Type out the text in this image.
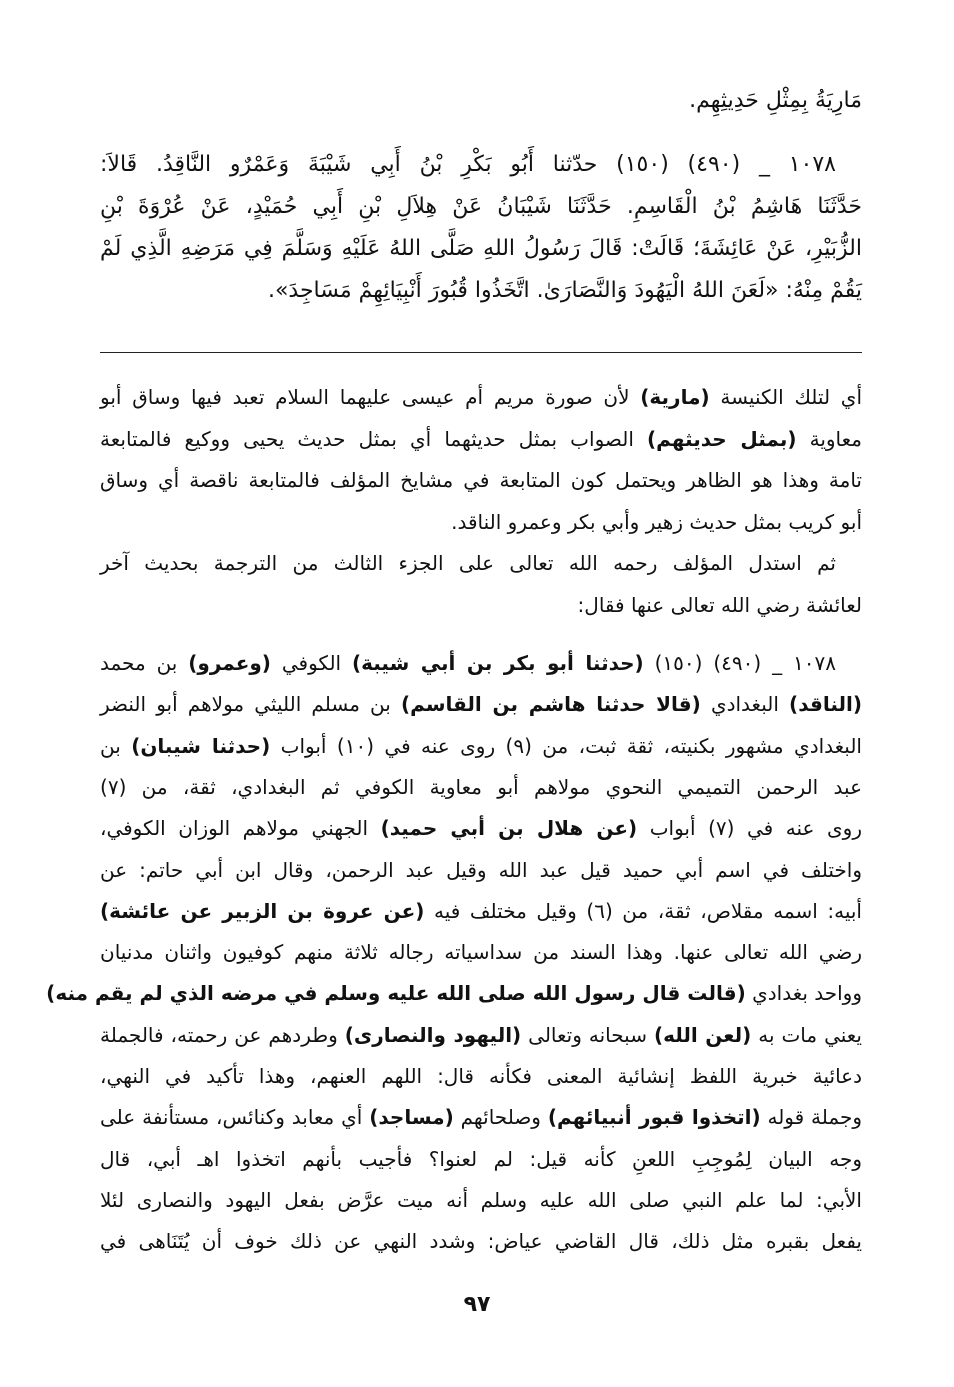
مَارِيَةُ بِمِثْلِ حَدِيثِهِم.
١٠٧٨ _ (٤٩٠) (١٥٠) حدّثنا أَبُو بَكْرِ بْنُ أَبِي شَيْبَةَ وَعَمْرٌو النَّاقِدُ. قَالاَ:
حَدَّثَنَا هَاشِمُ بْنُ الْقَاسِمِ. حَدَّثَنَا شَيْبَانُ عَنْ هِلاَلِ بْنِ أَبِي حُمَيْدٍ، عَنْ عُرْوَةَ بْنِ
الزُّبَيْرِ، عَنْ عَائِشَةَ؛ قَالَتْ: قَالَ رَسُولُ اللهِ صَلَّى اللهُ عَلَيْهِ وَسَلَّمَ فِي مَرَضِهِ الَّذِي لَمْ
يَقُمْ مِنْهُ: «لَعَنَ اللهُ الْيَهُودَ وَالنَّصَارَىٰ. اتَّخَذُوا قُبُورَ أَنْبِيَائِهِمْ مَسَاجِدَ».
أي لتلك الكنيسة (مارية) لأن صورة مريم أم عيسى عليهما السلام تعبد فيها وساق أبو
معاوية (بمثل حديثهم) الصواب بمثل حديثهما أي بمثل حديث يحيى ووكيع فالمتابعة
تامة وهذا هو الظاهر ويحتمل كون المتابعة في مشايخ المؤلف فالمتابعة ناقصة أي وساق
أبو كريب بمثل حديث زهير وأبي بكر وعمرو الناقد.
ثم استدل المؤلف رحمه الله تعالى على الجزء الثالث من الترجمة بحديث آخر
لعائشة رضي الله تعالى عنها فقال:
١٠٧٨ _ (٤٩٠) (١٥٠) (حدثنا أبو بكر بن أبي شيبة) الكوفي (وعمرو) بن محمد
(الناقد) البغدادي (قالا حدثنا هاشم بن القاسم) بن مسلم الليثي مولاهم أبو النضر
البغدادي مشهور بكنيته، ثقة ثبت، من (٩) روى عنه في (١٠) أبواب (حدثنا شيبان) بن
عبد الرحمن التميمي النحوي مولاهم أبو معاوية الكوفي ثم البغدادي، ثقة، من (٧)
روى عنه في (٧) أبواب (عن هلال بن أبي حميد) الجهني مولاهم الوزان الكوفي،
واختلف في اسم أبي حميد قيل عبد الله وقيل عبد الرحمن، وقال ابن أبي حاتم: عن
أبيه: اسمه مقلاص، ثقة، من (٦) وقيل مختلف فيه (عن عروة بن الزبير عن عائشة)
رضي الله تعالى عنها. وهذا السند من سداسياته رجاله ثلاثة منهم كوفيون واثنان مدنيان
وواحد بغدادي (قالت قال رسول الله صلى الله عليه وسلم في مرضه الذي لم يقم منه)
يعني مات به (لعن الله) سبحانه وتعالى (اليهود والنصارى) وطردهم عن رحمته، فالجملة
دعائية خبرية اللفظ إنشائية المعنى فكأنه قال: اللهم العنهم، وهذا تأكيد في النهي،
وجملة قوله (اتخذوا قبور أنبيائهم) وصلحائهم (مساجد) أي معابد وكنائس، مستأنفة على
وجه البيان لِمُوجِبِ اللعنِ كأنه قيل: لم لعنوا؟ فأجيب بأنهم اتخذوا اهـ أبي، قال
الأبي: لما علم النبي صلى الله عليه وسلم أنه ميت عرَّض بفعل اليهود والنصارى لئلا
يفعل بقبره مثل ذلك، قال القاضي عياض: وشدد النهي عن ذلك خوف أن يُتَنَاهى في
٩٧
